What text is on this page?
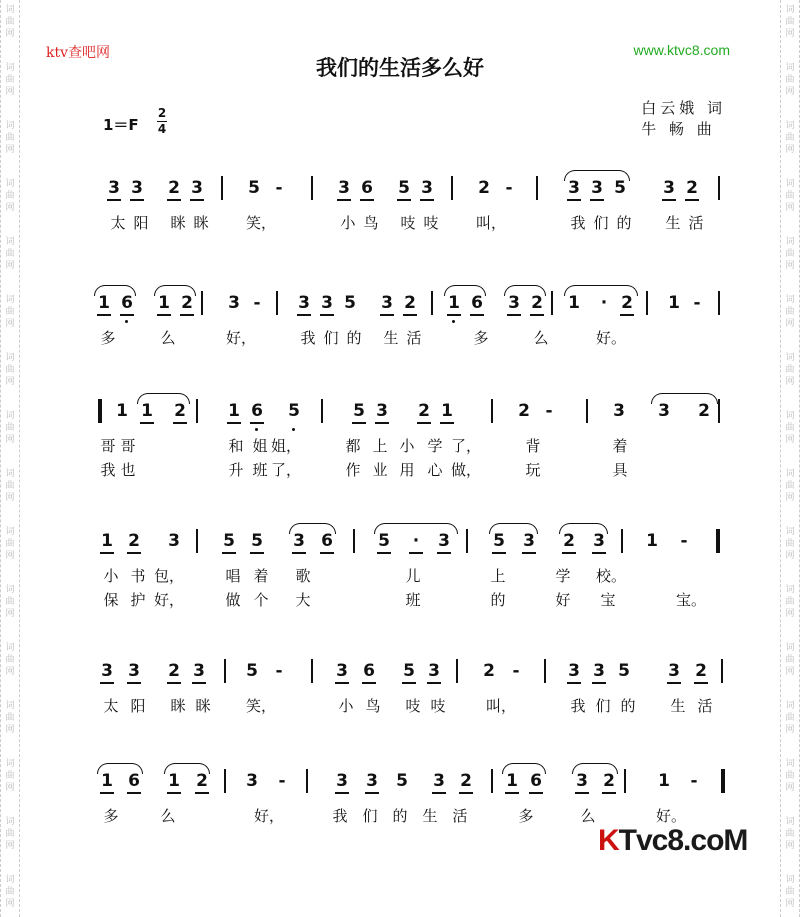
词
曲
网
词
曲
网
词
曲
网
词
曲
网
词
曲
网
词
曲
网
词
曲
网
词
曲
网
词
曲
网
词
曲
网
词
曲
网
词
曲
网
词
曲
网
词
曲
网
词
曲
网
词
曲
网
词
曲
网
词
曲
网
词
曲
网
词
曲
网
词
曲
网
词
曲
网
词
曲
网
词
曲
网
词
曲
网
词
曲
网
词
曲
网
词
曲
网
词
曲
网
词
曲
网
词
曲
网
词
曲
网
ktv查吧网	www.ktvc8.com
我们的生活多么好
白云娥 词
牛 畅 曲
1＝F
2
4
3 3 2 3	5 -	3 6 5 3	2 -	3 3 5 3 2
太 阳	眯 眯	笑，	小 鸟	吱 吱	叫，	我 们 的	生 活
1 6 1 2 3 - 3 3 5 3 2 1 6 3 2 1 · 2 1 -
多	么	好，	我 们 的	生 活	多	么	好。
1 1 2 1 6 5	5 3 2 1	2 -	3 3 2
哥 哥	和 姐 姐，	都 上 小 学 了，	背	着
我 也	升 班 了，	作 业 用 心 做，	玩	具
1 2 3	5 5 3 6	5 · 3	5 3 2 3 1 -
小 书 包，	唱 着	歌	儿	上	学	校。
保 护 好，	做 个	大	班	的	好	宝	宝。
3 3 2 3 5 -	3 6 5 3	2 -	3 3 5 3 2
太 阳	眯 眯	笑，	小 鸟	吱 吱	叫，	我 们 的	生 活
1 6 1 2 3 -	3 3 5 3 2 1 6 3 2	1 -
多	么	好，	我 们 的 生 活	多	么	好。
KTvc8.coM
